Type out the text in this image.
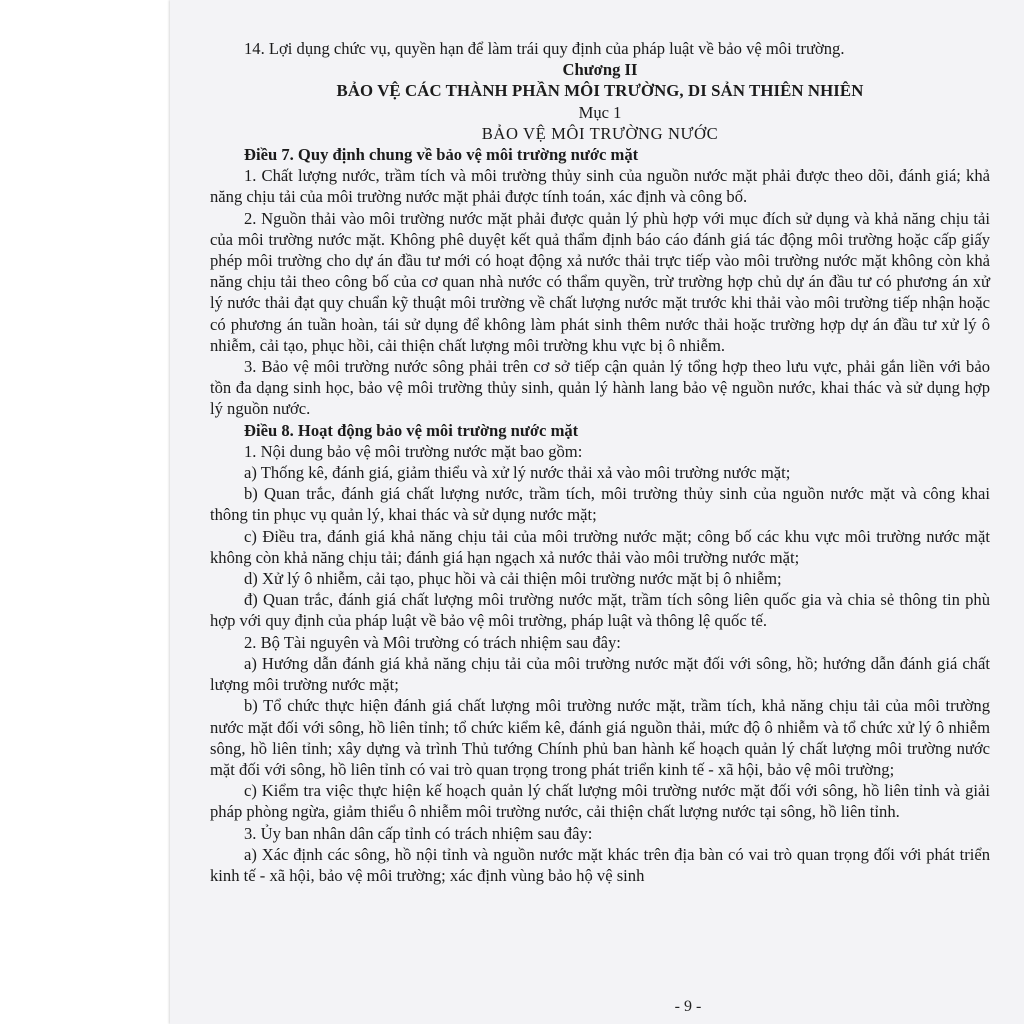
14. Lợi dụng chức vụ, quyền hạn để làm trái quy định của pháp luật về bảo vệ môi trường.

Chương II

BẢO VỆ CÁC THÀNH PHẦN MÔI TRƯỜNG, DI SẢN THIÊN NHIÊN

Mục 1

BẢO VỆ MÔI TRƯỜNG NƯỚC

Điều 7. Quy định chung về bảo vệ môi trường nước mặt

1. Chất lượng nước, trầm tích và môi trường thủy sinh của nguồn nước mặt phải được theo dõi, đánh giá; khả năng chịu tải của môi trường nước mặt phải được tính toán, xác định và công bố.

2. Nguồn thải vào môi trường nước mặt phải được quản lý phù hợp với mục đích sử dụng và khả năng chịu tải của môi trường nước mặt. Không phê duyệt kết quả thẩm định báo cáo đánh giá tác động môi trường hoặc cấp giấy phép môi trường cho dự án đầu tư mới có hoạt động xả nước thải trực tiếp vào môi trường nước mặt không còn khả năng chịu tải theo công bố của cơ quan nhà nước có thẩm quyền, trừ trường hợp chủ dự án đầu tư có phương án xử lý nước thải đạt quy chuẩn kỹ thuật môi trường về chất lượng nước mặt trước khi thải vào môi trường tiếp nhận hoặc có phương án tuần hoàn, tái sử dụng để không làm phát sinh thêm nước thải hoặc trường hợp dự án đầu tư xử lý ô nhiễm, cải tạo, phục hồi, cải thiện chất lượng môi trường khu vực bị ô nhiễm.

3. Bảo vệ môi trường nước sông phải trên cơ sở tiếp cận quản lý tổng hợp theo lưu vực, phải gắn liền với bảo tồn đa dạng sinh học, bảo vệ môi trường thủy sinh, quản lý hành lang bảo vệ nguồn nước, khai thác và sử dụng hợp lý nguồn nước.

Điều 8. Hoạt động bảo vệ môi trường nước mặt

1. Nội dung bảo vệ môi trường nước mặt bao gồm:

a) Thống kê, đánh giá, giảm thiểu và xử lý nước thải xả vào môi trường nước mặt;

b) Quan trắc, đánh giá chất lượng nước, trầm tích, môi trường thủy sinh của nguồn nước mặt và công khai thông tin phục vụ quản lý, khai thác và sử dụng nước mặt;

c) Điều tra, đánh giá khả năng chịu tải của môi trường nước mặt; công bố các khu vực môi trường nước mặt không còn khả năng chịu tải; đánh giá hạn ngạch xả nước thải vào môi trường nước mặt;

d) Xử lý ô nhiễm, cải tạo, phục hồi và cải thiện môi trường nước mặt bị ô nhiễm;

đ) Quan trắc, đánh giá chất lượng môi trường nước mặt, trầm tích sông liên quốc gia và chia sẻ thông tin phù hợp với quy định của pháp luật về bảo vệ môi trường, pháp luật và thông lệ quốc tế.

2. Bộ Tài nguyên và Môi trường có trách nhiệm sau đây:

a) Hướng dẫn đánh giá khả năng chịu tải của môi trường nước mặt đối với sông, hồ; hướng dẫn đánh giá chất lượng môi trường nước mặt;

b) Tổ chức thực hiện đánh giá chất lượng môi trường nước mặt, trầm tích, khả năng chịu tải của môi trường nước mặt đối với sông, hồ liên tỉnh; tổ chức kiểm kê, đánh giá nguồn thải, mức độ ô nhiễm và tổ chức xử lý ô nhiễm sông, hồ liên tỉnh; xây dựng và trình Thủ tướng Chính phủ ban hành kế hoạch quản lý chất lượng môi trường nước mặt đối với sông, hồ liên tỉnh có vai trò quan trọng trong phát triển kinh tế - xã hội, bảo vệ môi trường;

c) Kiểm tra việc thực hiện kế hoạch quản lý chất lượng môi trường nước mặt đối với sông, hồ liên tỉnh và giải pháp phòng ngừa, giảm thiểu ô nhiễm môi trường nước, cải thiện chất lượng nước tại sông, hồ liên tỉnh.

3. Ủy ban nhân dân cấp tỉnh có trách nhiệm sau đây:

a) Xác định các sông, hồ nội tỉnh và nguồn nước mặt khác trên địa bàn có vai trò quan trọng đối với phát triển kinh tế - xã hội, bảo vệ môi trường; xác định vùng bảo hộ vệ sinh

- 9 -
